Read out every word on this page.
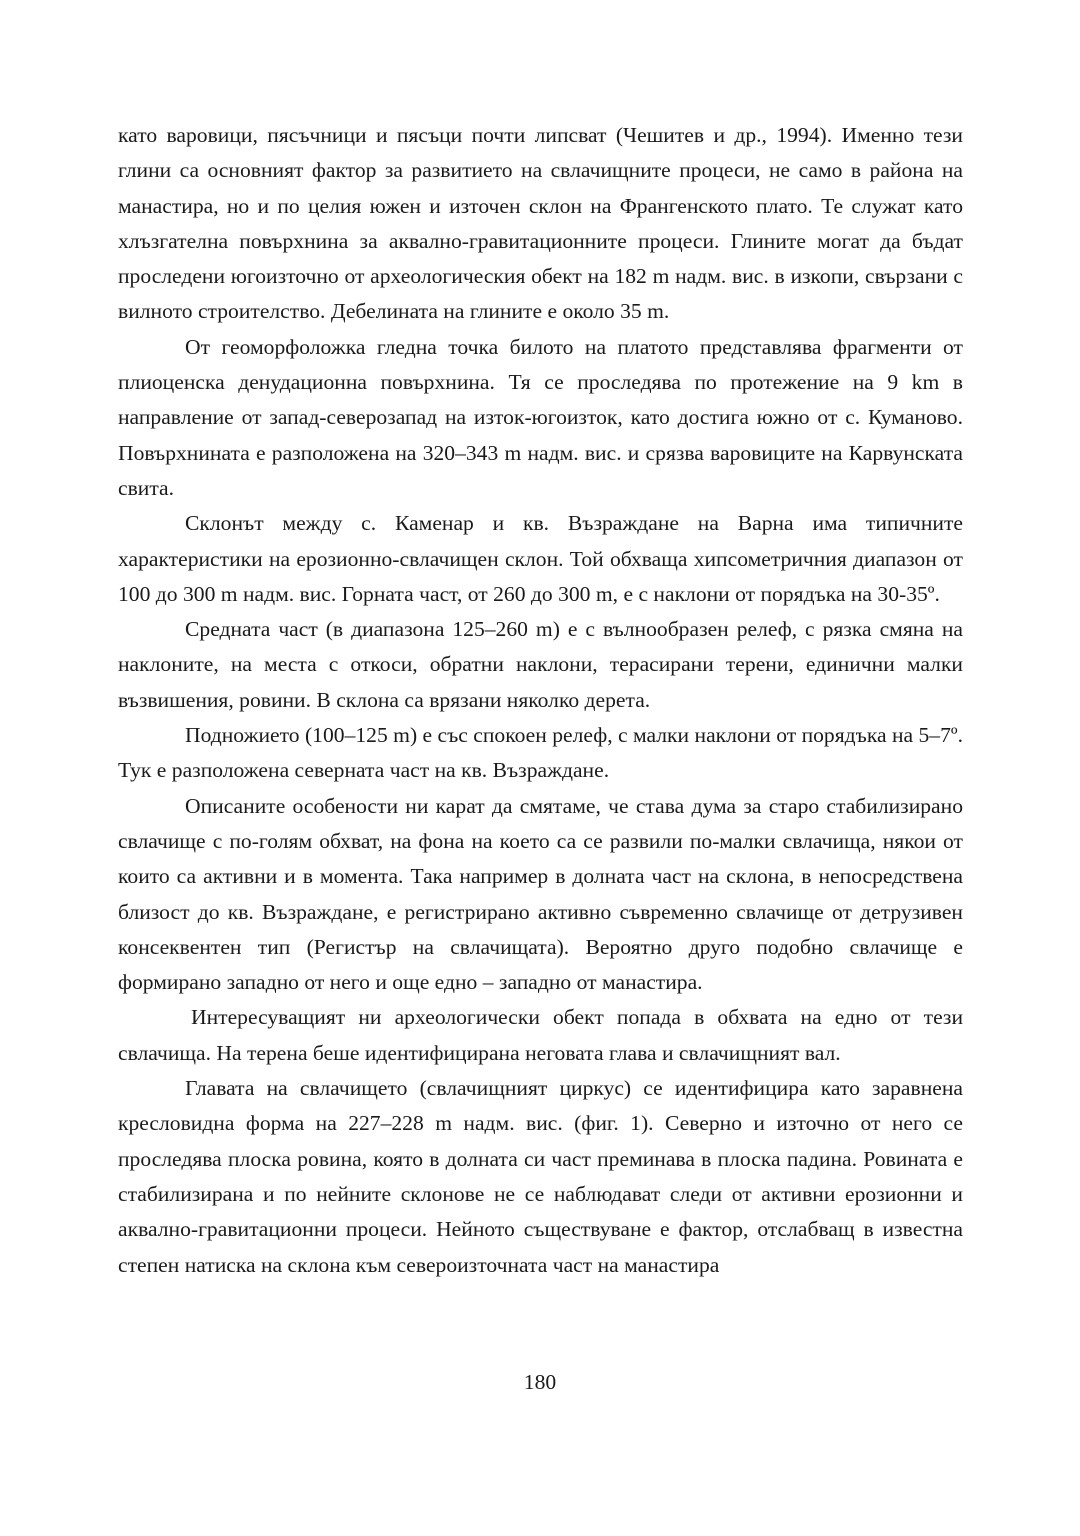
като варовици, пясъчници и пясъци почти липсват (Чешитев и др., 1994). Именно тези глини са основният фактор за развитието на свлачищните процеси, не само в района на манастира, но и по целия южен и източен склон на Франгенското плато. Те служат като хлъзгателна повърхнина за аквално-гравитационните процеси. Глините могат да бъдат проследени югоизточно от археологическия обект на 182 m надм. вис. в изкопи, свързани с вилното строителство. Дебелината на глините е около 35 m.

От геоморфоложка гледна точка билото на платото представлява фрагменти от плиоценска денудационна повърхнина. Тя се проследява по протежение на 9 km в направление от запад-северозапад на изток-югоизток, като достига южно от с. Куманово. Повърхнината е разположена на 320–343 m надм. вис. и срязва варовиците на Карвунската свита.

Склонът между с. Каменар и кв. Възраждане на Варна има типичните характеристики на ерозионно-свлачищен склон. Той обхваща хипсометричния диапазон от 100 до 300 m надм. вис. Горната част, от 260 до 300 m, е с наклони от порядъка на 30-35º.

Средната част (в диапазона 125–260 m) е с вълнообразен релеф, с рязка смяна на наклоните, на места с откоси, обратни наклони, терасирани терени, единични малки възвишения, ровини. В склона са врязани няколко дерета.

Подножието (100–125 m) е със спокоен релеф, с малки наклони от порядъка на 5–7º. Тук е разположена северната част на кв. Възраждане.

Описаните особености ни карат да смятаме, че става дума за старо стабилизирано свлачище с по-голям обхват, на фона на което са се развили по-малки свлачища, някои от които са активни и в момента. Така например в долната част на склона, в непосредствена близост до кв. Възраждане, е регистрирано активно съвременно свлачище от детрузивен консеквентен тип (Регистър на свлачищата). Вероятно друго подобно свлачище е формирано западно от него и още едно – западно от манастира.

Интересуващият ни археологически обект попада в обхвата на едно от тези свлачища. На терена беше идентифицирана неговата глава и свлачищният вал.

Главата на свлачището (свлачищният циркус) се идентифицира като заравнена кресловидна форма на 227–228 m надм. вис. (фиг. 1). Северно и източно от него се проследява плоска ровина, която в долната си част преминава в плоска падина. Ровината е стабилизирана и по нейните склонове не се наблюдават следи от активни ерозионни и аквално-гравитационни процеси. Нейното съществуване е фактор, отслабващ в известна степен натиска на склона към североизточната част на манастира

180
